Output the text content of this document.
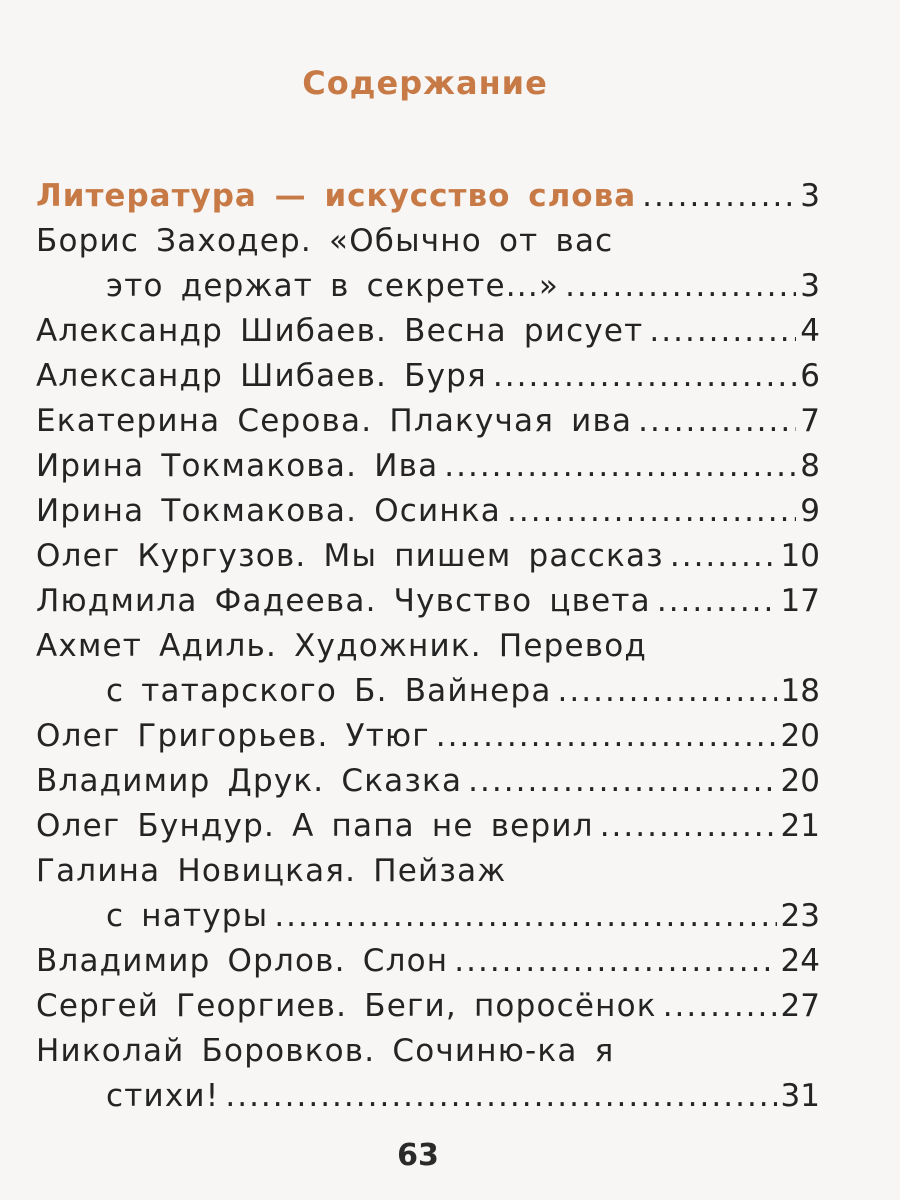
Содержание
Литература — искусство слова .....	3
Борис Заходер. «Обычно от вас
это держат в секрете...» .....	3
Александр Шибаев. Весна рисует .....	4
Александр Шибаев. Буря .....	6
Екатерина Серова. Плакучая ива .....	7
Ирина Токмакова. Ива .....	8
Ирина Токмакова. Осинка .....	9
Олег Кургузов. Мы пишем рассказ .....	10
Людмила Фадеева. Чувство цвета .....	17
Ахмет Адиль. Художник. Перевод
с татарского Б. Вайнера .....	18
Олег Григорьев. Утюг .....	20
Владимир Друк. Сказка .....	20
Олег Бундур. А папа не верил .....	21
Галина Новицкая. Пейзаж
с натуры .....	23
Владимир Орлов. Слон .....	24
Сергей Георгиев. Беги, поросёнок .....	27
Николай Боровков. Сочиню-ка я
стихи! .....	31
63
